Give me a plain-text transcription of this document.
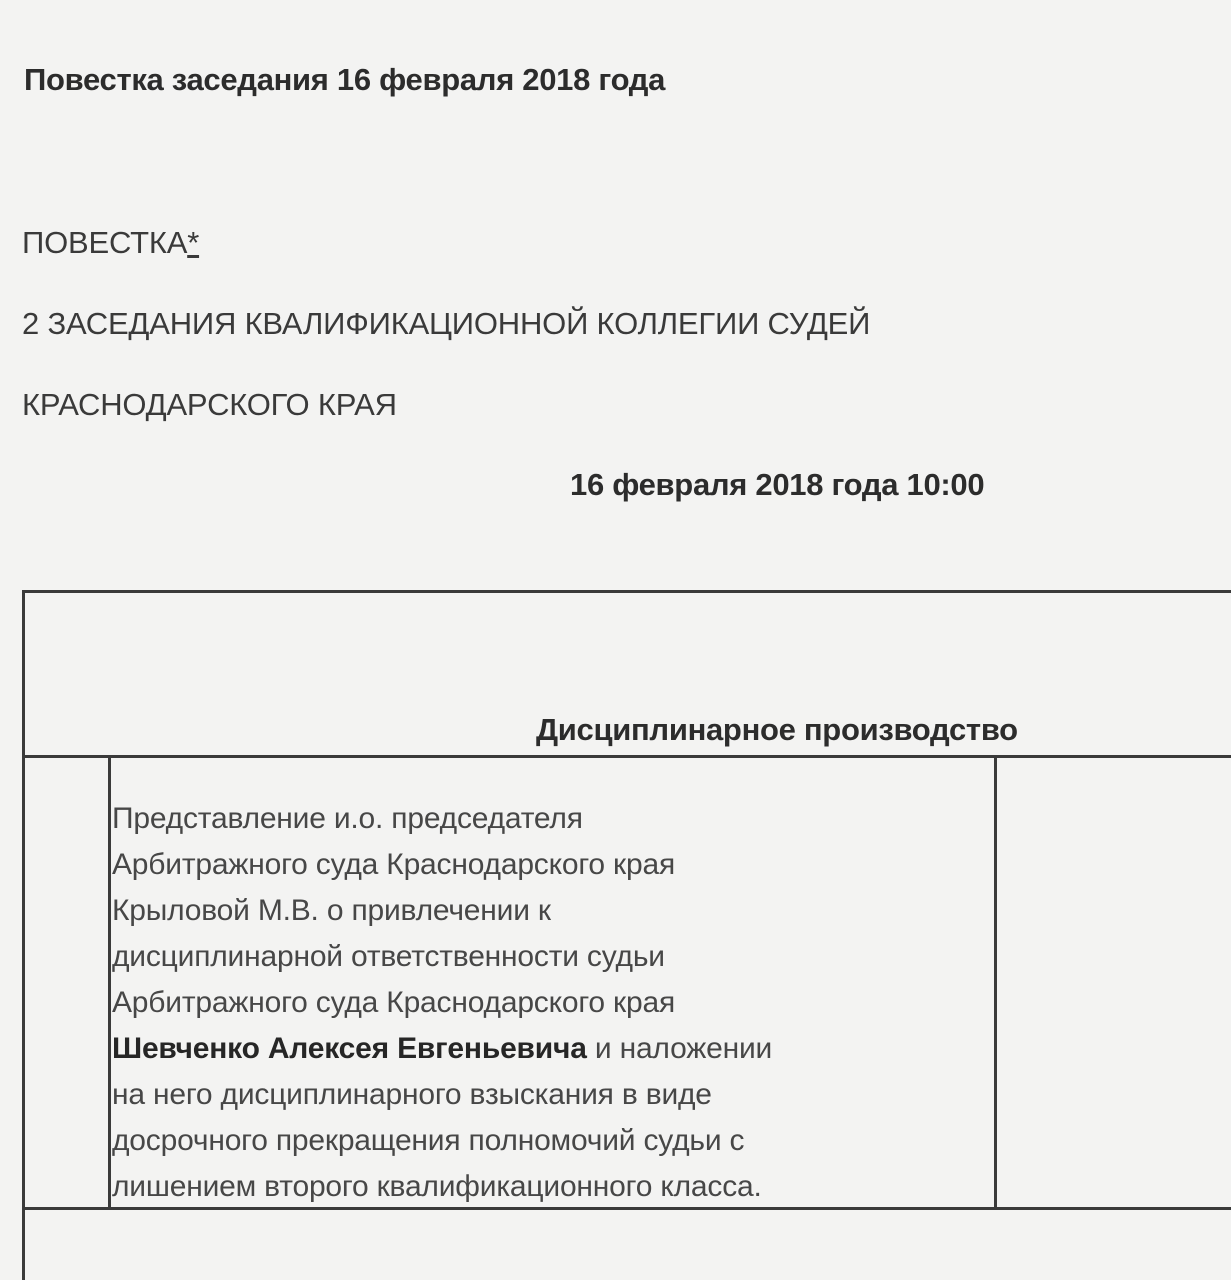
Повестка заседания 16 февраля 2018 года
ПОВЕСТКА*
2 ЗАСЕДАНИЯ КВАЛИФИКАЦИОННОЙ КОЛЛЕГИИ СУДЕЙ
КРАСНОДАРСКОГО КРАЯ
16 февраля 2018 года 10:00
Дисциплинарное производство
Представление и.о. председателя
Арбитражного суда Краснодарского края
Крыловой М.В. о привлечении к
дисциплинарной ответственности судьи
Арбитражного суда Краснодарского края
Шевченко Алексея Евгеньевича и наложении
на него дисциплинарного взыскания в виде
досрочного прекращения полномочий судьи с
лишением второго квалификационного класса.
